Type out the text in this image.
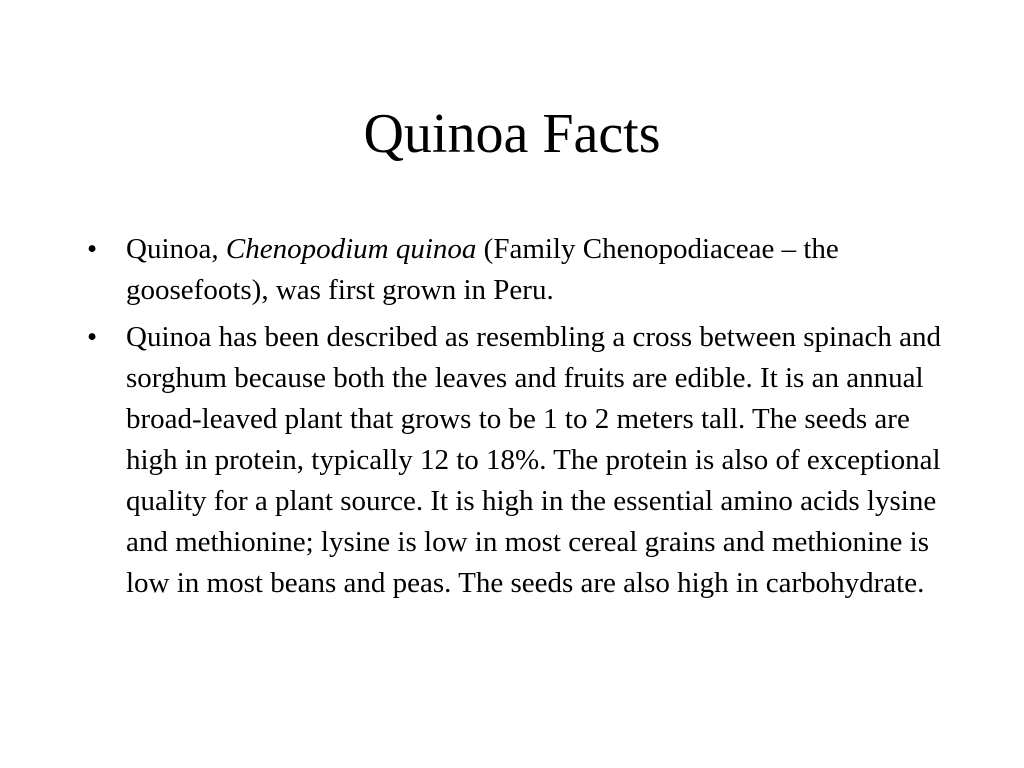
Quinoa Facts
• Quinoa, Chenopodium quinoa (Family Chenopodiaceae – the goosefoots), was first grown in Peru.
• Quinoa has been described as resembling a cross between spinach and sorghum because both the leaves and fruits are edible. It is an annual broad-leaved plant that grows to be 1 to 2 meters tall. The seeds are high in protein, typically 12 to 18%. The protein is also of exceptional quality for a plant source. It is high in the essential amino acids lysine and methionine; lysine is low in most cereal grains and methionine is low in most beans and peas. The seeds are also high in carbohydrate.
